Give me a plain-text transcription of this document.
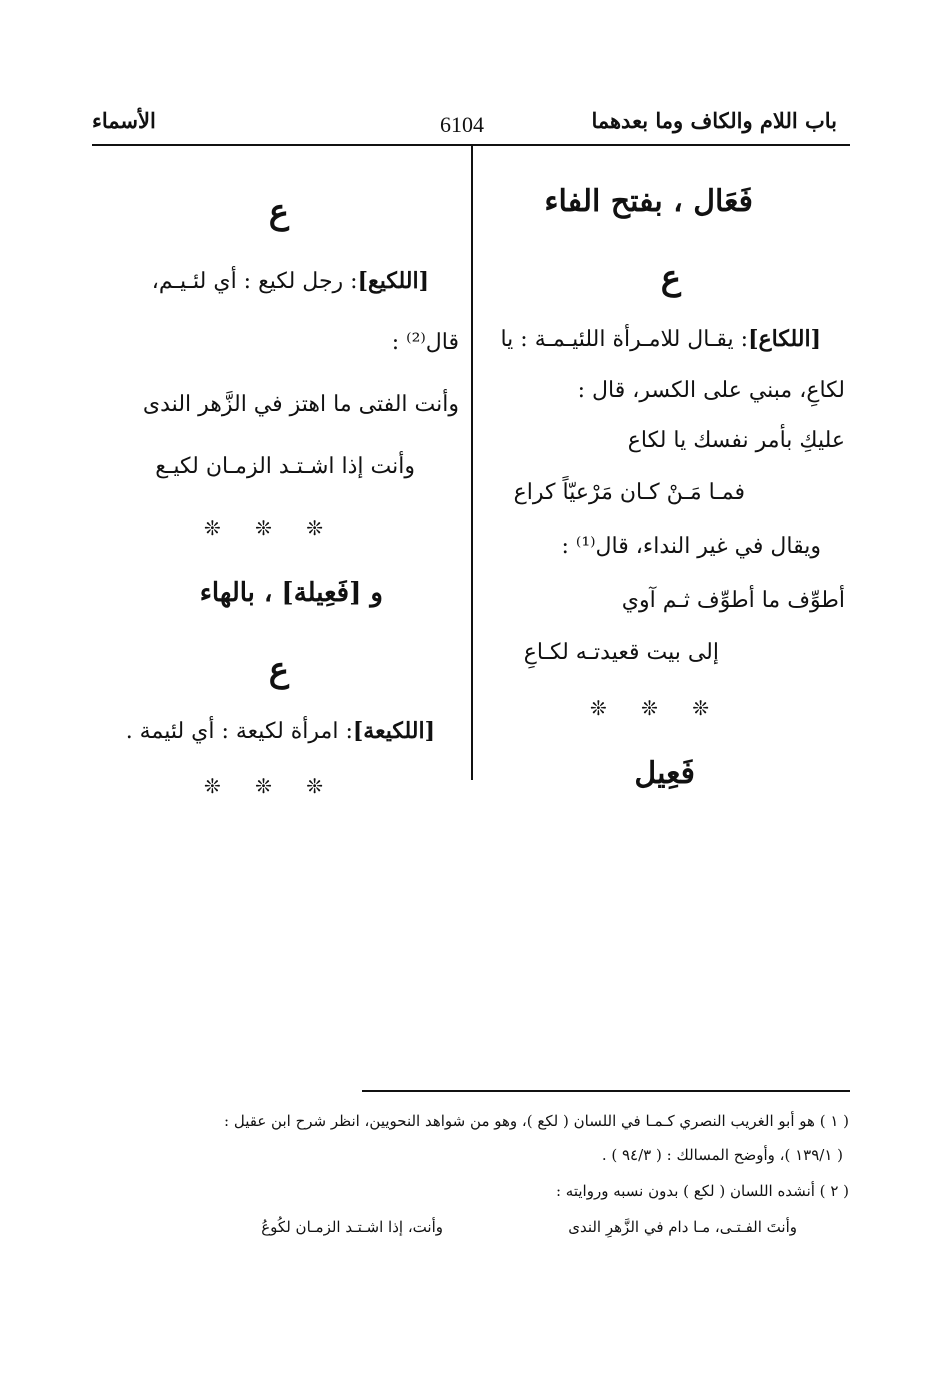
باب اللام والكاف وما بعدهما
6104
الأسماء
فَعَال ، بفتح الفاء
ع
[اللكاع]: يقـال للامـرأة اللئيـمـة : يا
لكاعِ، مبني على الكسر، قال :
عليكِ بأمر نفسك يا لكاع
فمـا مَـنْ كـان مَرْعيّاً كراع
ويقال في غير النداء، قال⁽¹⁾ :
أطوِّف ما أطوِّف ثـم آوي
إلى بيت قعيدتـه لكـاعِ
❊ ❊ ❊
فَعِيل
ع
[اللكيع]: رجل لكيع : أي لئـيـم،
قال⁽²⁾ :
وأنت الفتى ما اهتز في الزَّهر الندى
وأنت إذا اشـتـد الزمـان لكيـع
❊ ❊ ❊
و [فَعِيلة] ، بالهاء
ع
[اللكيعة]: امرأة لكيعة : أي لئيمة .
❊ ❊ ❊
( ١ ) هو أبو الغريب النصري كـمـا في اللسان ( لكع )، وهو من شواهد النحويين، انظر شرح ابن عقيل :
( ١٣٩/١ )، وأوضح المسالك : ( ٩٤/٣ ) .
( ٢ ) أنشده اللسان ( لكع ) بدون نسبه وروايته :
وأنتَ الفـتـى، مـا دام في الزَّهرِ الندى
وأنت، إذا اشـتـد الزمـان لكُوعُ
